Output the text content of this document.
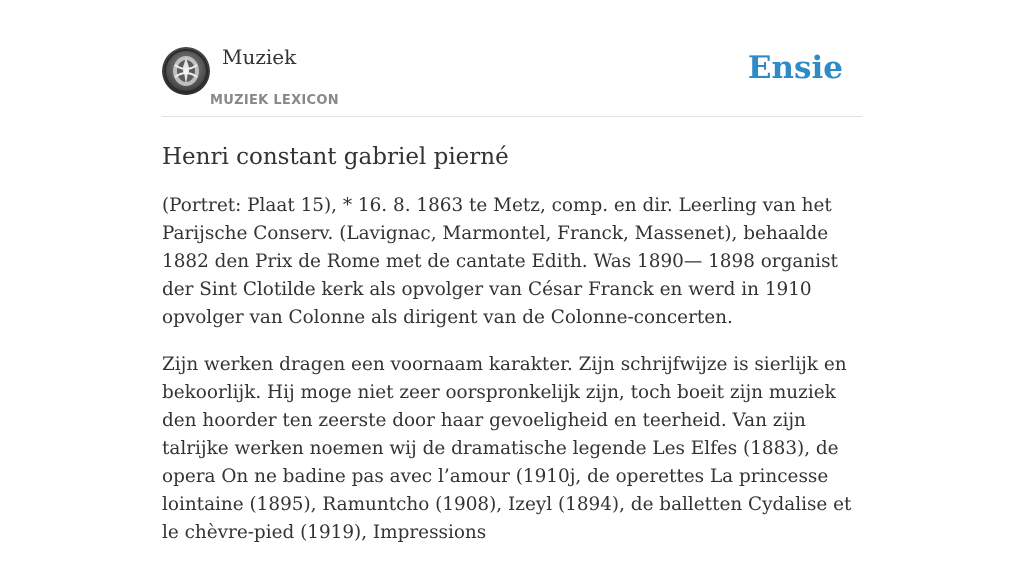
Muziek
MUZIEK LEXICON
Ensie
Henri constant gabriel pierné

(Portret: Plaat 15), * 16. 8. 1863 te Metz, comp. en dir. Leerling van het Parijsche Conserv. (Lavignac, Marmontel, Franck, Massenet), behaalde 1882 den Prix de Rome met de cantate Edith. Was 1890— 1898 organist der Sint Clotilde kerk als opvolger van César Franck en werd in 1910 opvolger van Colonne als dirigent van de Colonne-concerten.

Zijn werken dragen een voornaam karakter. Zijn schrijfwijze is sierlijk en bekoorlijk. Hij moge niet zeer oorspronkelijk zijn, toch boeit zijn muziek den hoorder ten zeerste door haar gevoeligheid en teerheid. Van zijn talrijke werken noemen wij de dramatische legende Les Elfes (1883), de opera On ne badine pas avec l’amour (1910j, de operettes La princesse lointaine (1895), Ramuntcho (1908), Izeyl (1894), de balletten Cydalise et le chèvre-pied (1919), Impressions
